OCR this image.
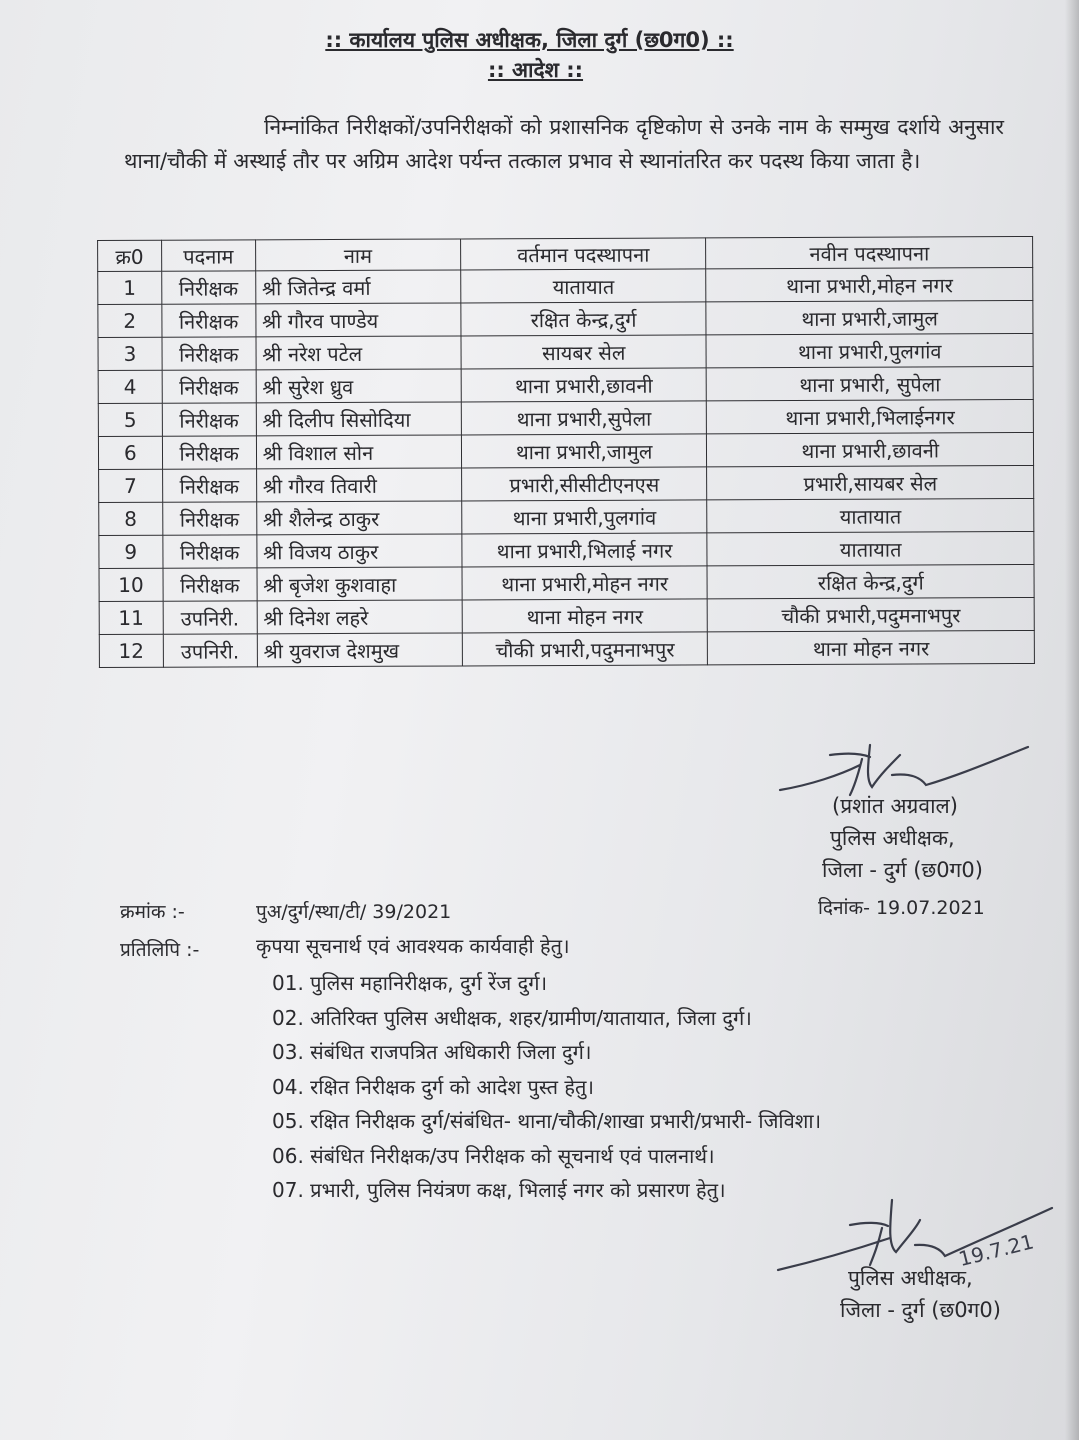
:: कार्यालय पुलिस अधीक्षक, जिला दुर्ग (छ0ग0) ::
:: आदेश ::
निम्नांकित निरीक्षकों/उपनिरीक्षकों को प्रशासनिक दृष्टिकोण से उनके नाम के सम्मुख दर्शाये अनुसार थाना/चौकी में अस्थाई तौर पर अग्रिम आदेश पर्यन्त तत्काल प्रभाव से स्थानांतरित कर पदस्थ किया जाता है।
क्र0	पदनाम	नाम	वर्तमान पदस्थापना	नवीन पदस्थापना
1	निरीक्षक	श्री जितेन्द्र वर्मा	यातायात	थाना प्रभारी,मोहन नगर
2	निरीक्षक	श्री गौरव पाण्डेय	रक्षित केन्द्र,दुर्ग	थाना प्रभारी,जामुल
3	निरीक्षक	श्री नरेश पटेल	सायबर सेल	थाना प्रभारी,पुलगांव
4	निरीक्षक	श्री सुरेश ध्रुव	थाना प्रभारी,छावनी	थाना प्रभारी, सुपेला
5	निरीक्षक	श्री दिलीप सिसोदिया	थाना प्रभारी,सुपेला	थाना प्रभारी,भिलाईनगर
6	निरीक्षक	श्री विशाल सोन	थाना प्रभारी,जामुल	थाना प्रभारी,छावनी
7	निरीक्षक	श्री गौरव तिवारी	प्रभारी,सीसीटीएनएस	प्रभारी,सायबर सेल
8	निरीक्षक	श्री शैलेन्द्र ठाकुर	थाना प्रभारी,पुलगांव	यातायात
9	निरीक्षक	श्री विजय ठाकुर	थाना प्रभारी,भिलाई नगर	यातायात
10	निरीक्षक	श्री बृजेश कुशवाहा	थाना प्रभारी,मोहन नगर	रक्षित केन्द्र,दुर्ग
11	उपनिरी.	श्री दिनेश लहरे	थाना मोहन नगर	चौकी प्रभारी,पदुमनाभपुर
12	उपनिरी.	श्री युवराज देशमुख	चौकी प्रभारी,पदुमनाभपुर	थाना मोहन नगर
(प्रशांत अग्रवाल)
पुलिस अधीक्षक,
जिला - दुर्ग (छ0ग0)
क्रमांक :-	पुअ/दुर्ग/स्था/टी/ 39/2021	दिनांक- 19.07.2021
प्रतिलिपि :-	कृपया सूचनार्थ एवं आवश्यक कार्यवाही हेतु।
01. पुलिस महानिरीक्षक, दुर्ग रेंज दुर्ग।
02. अतिरिक्त पुलिस अधीक्षक, शहर/ग्रामीण/यातायात, जिला दुर्ग।
03. संबंधित राजपत्रित अधिकारी जिला दुर्ग।
04. रक्षित निरीक्षक दुर्ग को आदेश पुस्त हेतु।
05. रक्षित निरीक्षक दुर्ग/संबंधित- थाना/चौकी/शाखा प्रभारी/प्रभारी- जिविशा।
06. संबंधित निरीक्षक/उप निरीक्षक को सूचनार्थ एवं पालनार्थ।
07. प्रभारी, पुलिस नियंत्रण कक्ष, भिलाई नगर को प्रसारण हेतु।
19.7.21
पुलिस अधीक्षक,
जिला - दुर्ग (छ0ग0)
